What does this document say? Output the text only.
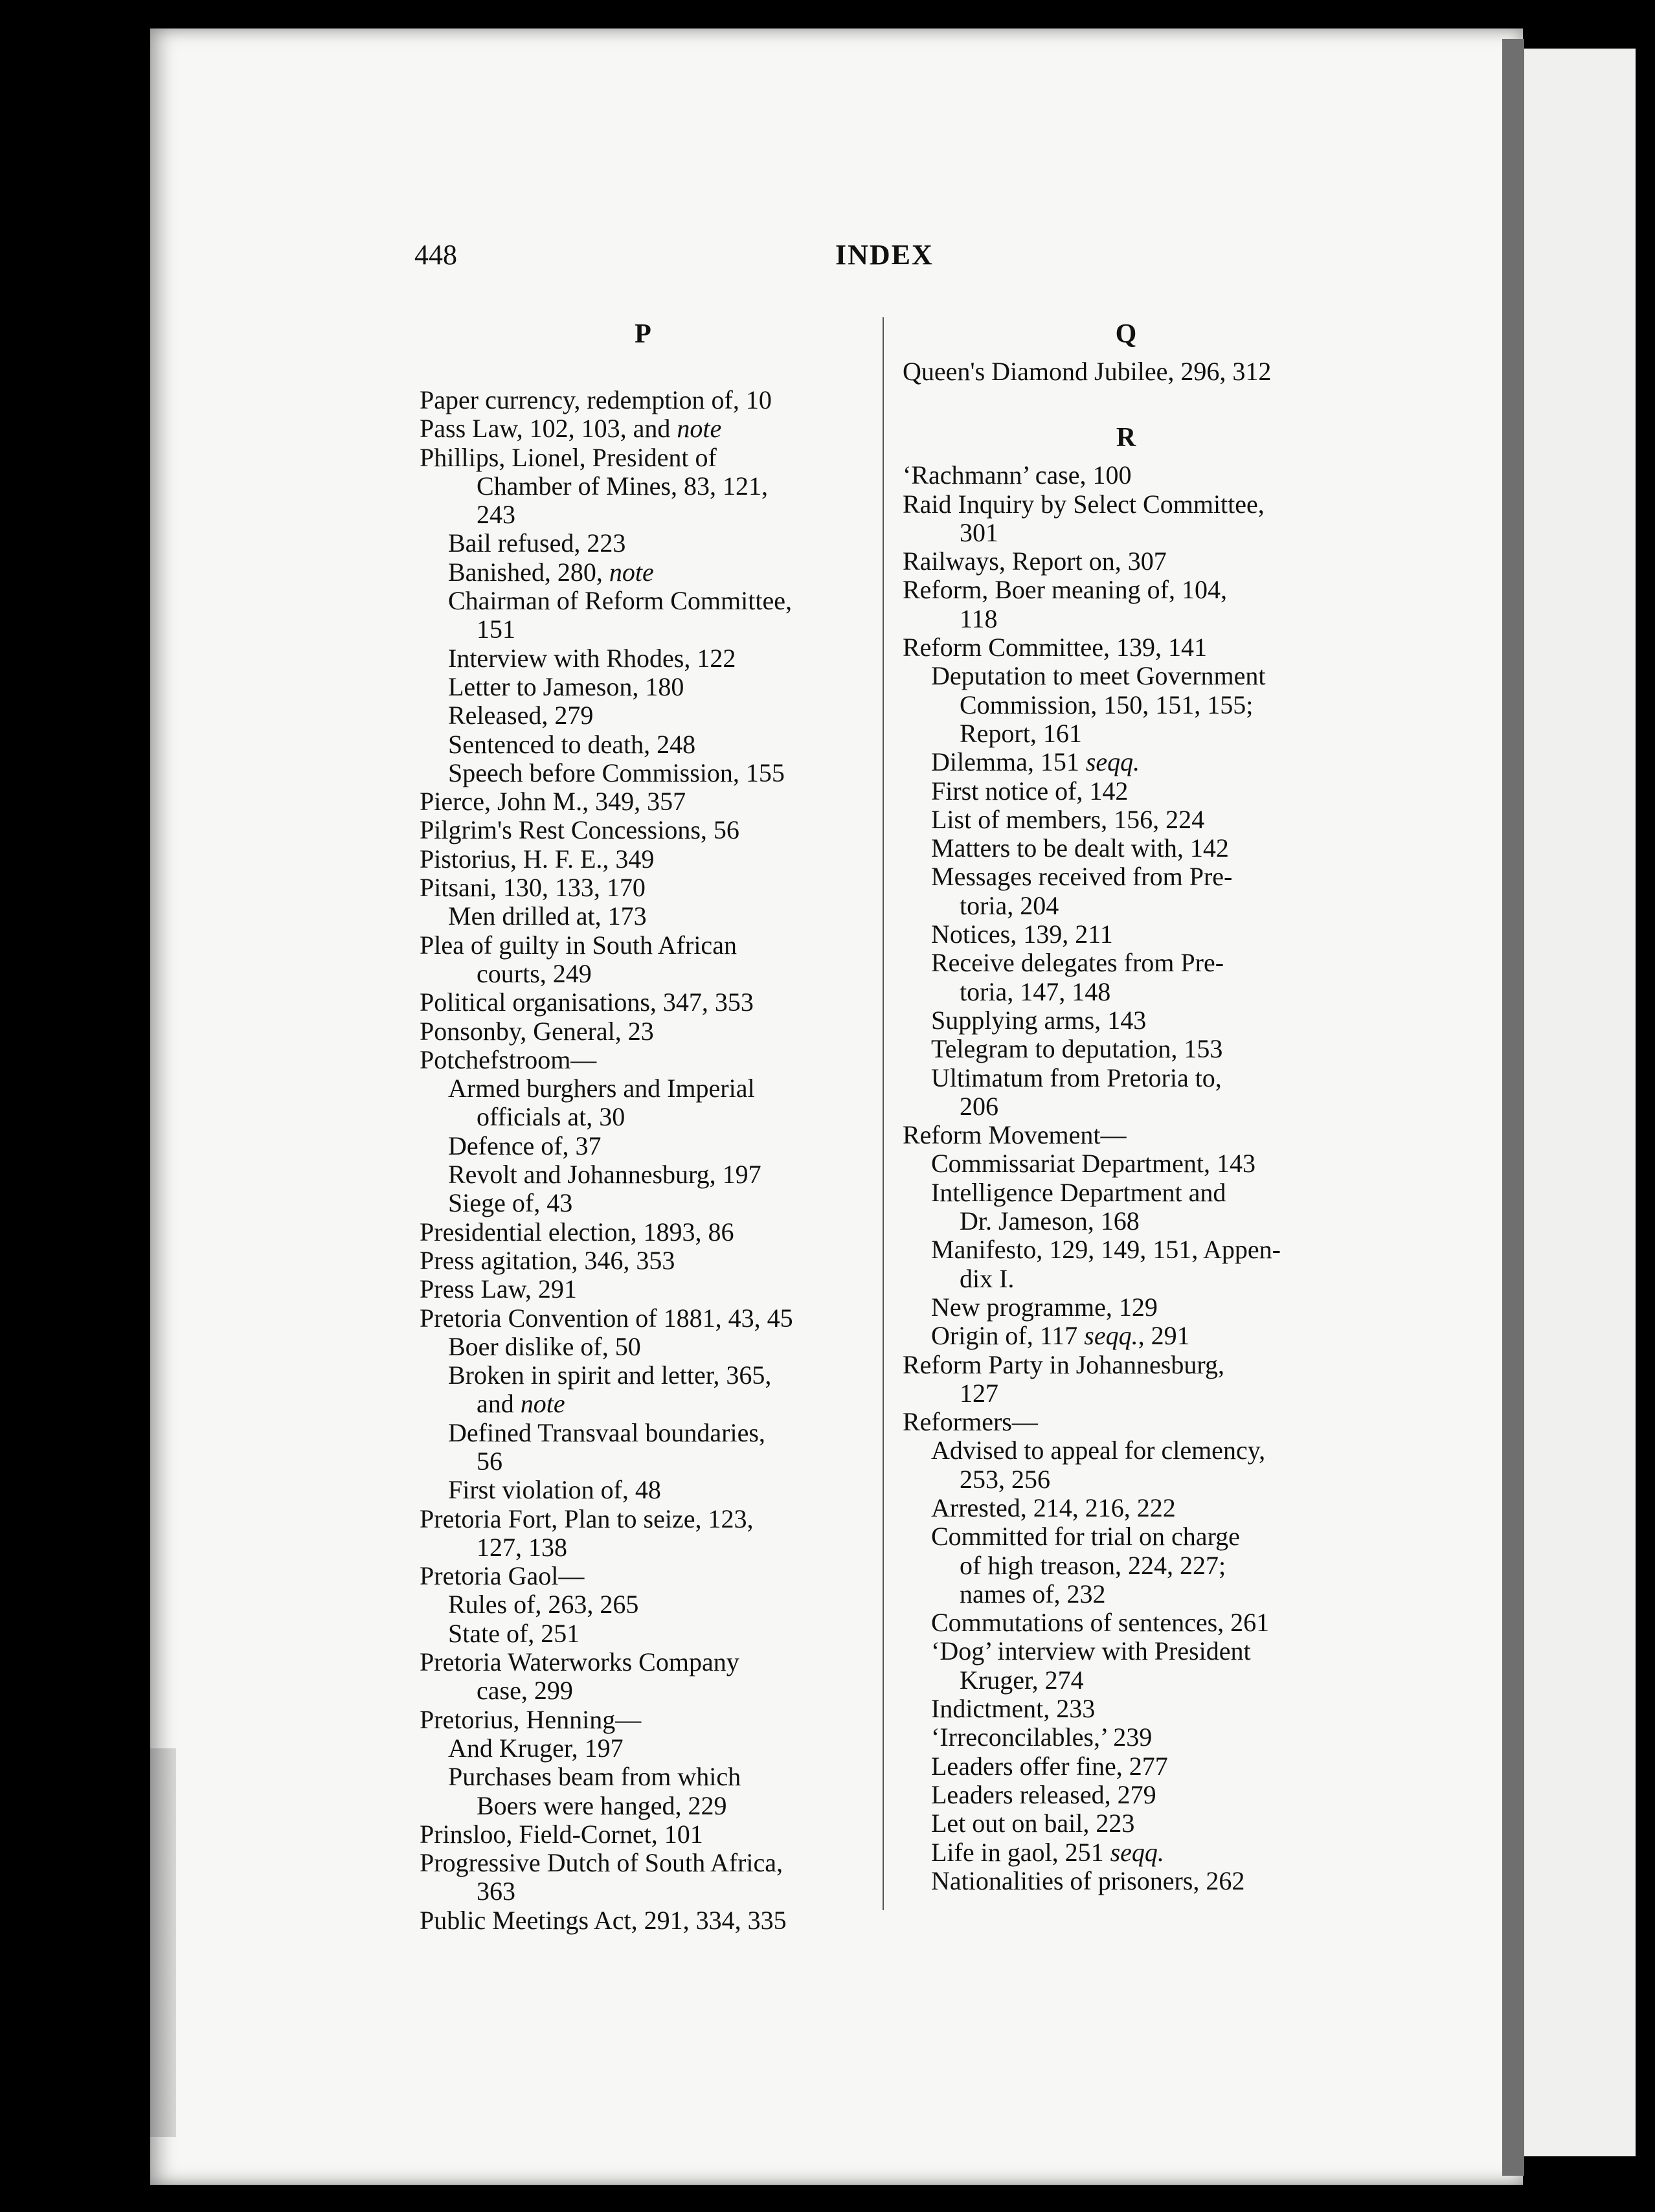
448	INDEX
P
Paper currency, redemption of, 10
Pass Law, 102, 103, and note
Phillips, Lionel, President of
Chamber of Mines, 83, 121,
243
Bail refused, 223
Banished, 280, note
Chairman of Reform Committee,
151
Interview with Rhodes, 122
Letter to Jameson, 180
Released, 279
Sentenced to death, 248
Speech before Commission, 155
Pierce, John M., 349, 357
Pilgrim's Rest Concessions, 56
Pistorius, H. F. E., 349
Pitsani, 130, 133, 170
Men drilled at, 173
Plea of guilty in South African
courts, 249
Political organisations, 347, 353
Ponsonby, General, 23
Potchefstroom—
Armed burghers and Imperial
officials at, 30
Defence of, 37
Revolt and Johannesburg, 197
Siege of, 43
Presidential election, 1893, 86
Press agitation, 346, 353
Press Law, 291
Pretoria Convention of 1881, 43, 45
Boer dislike of, 50
Broken in spirit and letter, 365,
and note
Defined Transvaal boundaries,
56
First violation of, 48
Pretoria Fort, Plan to seize, 123,
127, 138
Pretoria Gaol—
Rules of, 263, 265
State of, 251
Pretoria Waterworks Company
case, 299
Pretorius, Henning—
And Kruger, 197
Purchases beam from which
Boers were hanged, 229
Prinsloo, Field-Cornet, 101
Progressive Dutch of South Africa,
363
Public Meetings Act, 291, 334, 335
Q
Queen's Diamond Jubilee, 296, 312
R
‘Rachmann’ case, 100
Raid Inquiry by Select Committee,
301
Railways, Report on, 307
Reform, Boer meaning of, 104,
118
Reform Committee, 139, 141
Deputation to meet Government
Commission, 150, 151, 155;
Report, 161
Dilemma, 151 seqq.
First notice of, 142
List of members, 156, 224
Matters to be dealt with, 142
Messages received from Pre-
toria, 204
Notices, 139, 211
Receive delegates from Pre-
toria, 147, 148
Supplying arms, 143
Telegram to deputation, 153
Ultimatum from Pretoria to,
206
Reform Movement—
Commissariat Department, 143
Intelligence Department and
Dr. Jameson, 168
Manifesto, 129, 149, 151, Appen-
dix I.
New programme, 129
Origin of, 117 seqq., 291
Reform Party in Johannesburg,
127
Reformers—
Advised to appeal for clemency,
253, 256
Arrested, 214, 216, 222
Committed for trial on charge
of high treason, 224, 227;
names of, 232
Commutations of sentences, 261
‘Dog’ interview with President
Kruger, 274
Indictment, 233
‘Irreconcilables,’ 239
Leaders offer fine, 277
Leaders released, 279
Let out on bail, 223
Life in gaol, 251 seqq.
Nationalities of prisoners, 262
